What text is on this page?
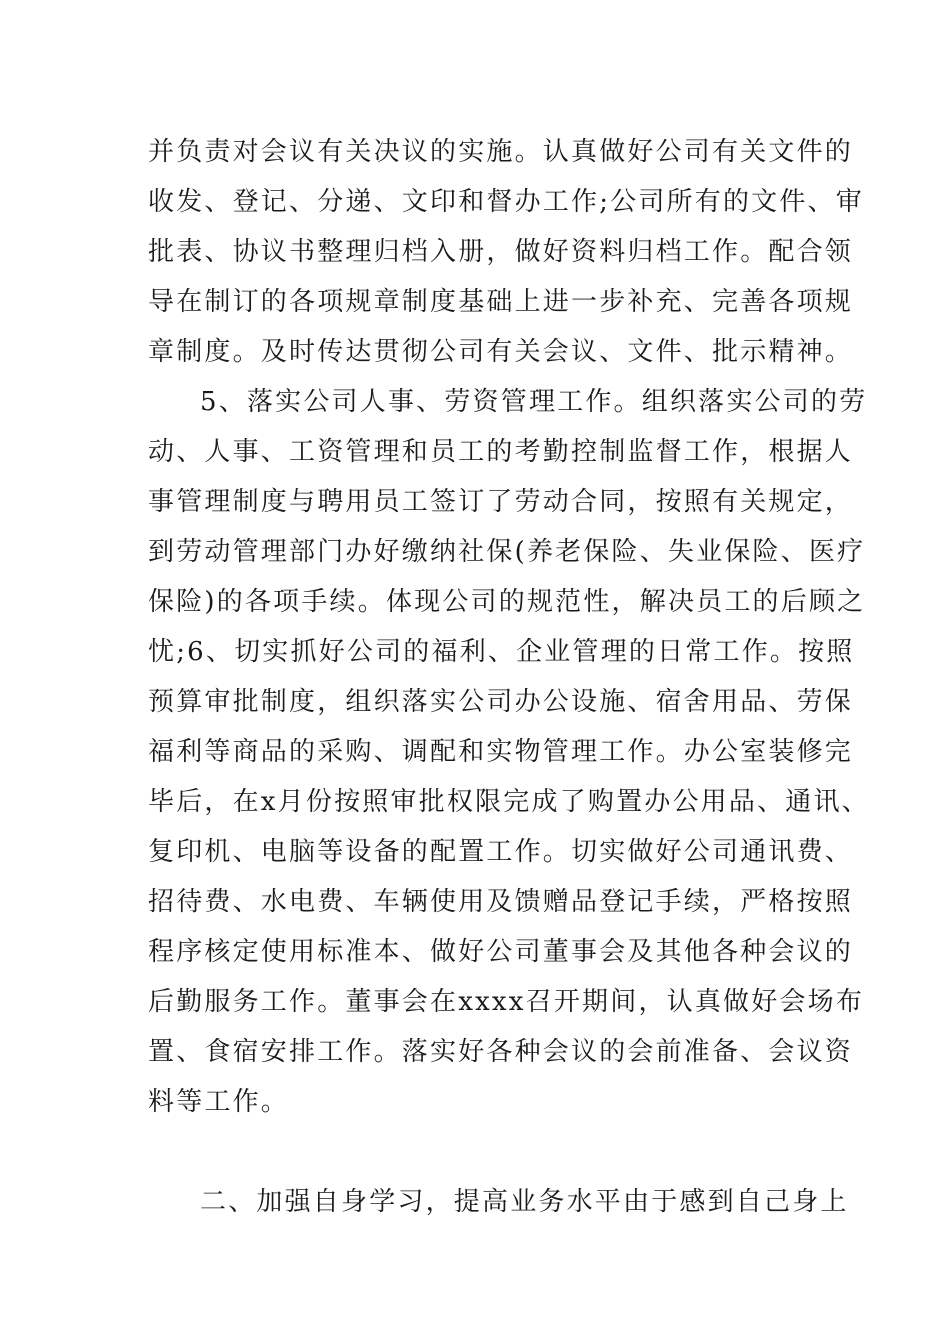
并负责对会议有关决议的实施。认真做好公司有关文件的
收发、登记、分递、文印和督办工作;公司所有的文件、审
批表、协议书整理归档入册，做好资料归档工作。配合领
导在制订的各项规章制度基础上进一步补充、完善各项规
章制度。及时传达贯彻公司有关会议、文件、批示精神。
5、落实公司人事、劳资管理工作。组织落实公司的劳
动、人事、工资管理和员工的考勤控制监督工作，根据人
事管理制度与聘用员工签订了劳动合同，按照有关规定，
到劳动管理部门办好缴纳社保(养老保险、失业保险、医疗
保险)的各项手续。体现公司的规范性，解决员工的后顾之
忧;6、切实抓好公司的福利、企业管理的日常工作。按照
预算审批制度，组织落实公司办公设施、宿舍用品、劳保
福利等商品的采购、调配和实物管理工作。办公室装修完
毕后，在x月份按照审批权限完成了购置办公用品、通讯、
复印机、电脑等设备的配置工作。切实做好公司通讯费、
招待费、水电费、车辆使用及馈赠品登记手续，严格按照
程序核定使用标准本、做好公司董事会及其他各种会议的
后勤服务工作。董事会在xxxx召开期间，认真做好会场布
置、食宿安排工作。落实好各种会议的会前准备、会议资
料等工作。
二、加强自身学习，提高业务水平由于感到自己身上
